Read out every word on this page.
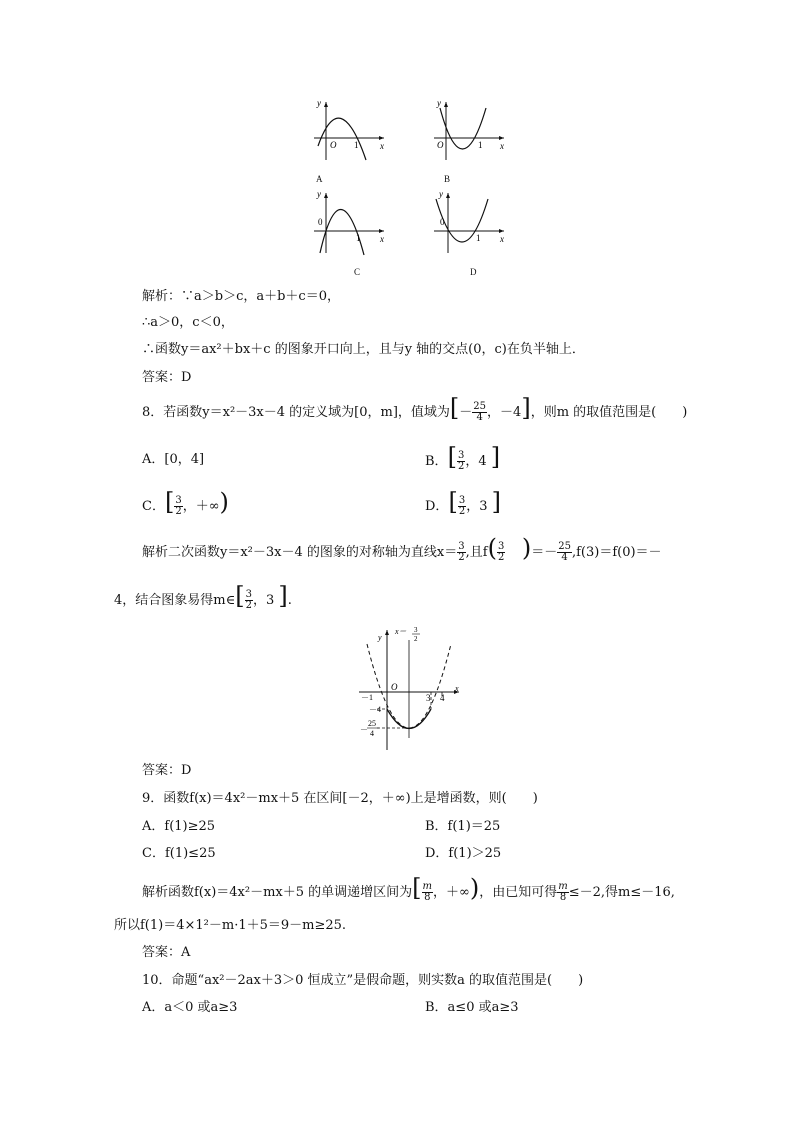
y
x
O 1
A
y
x
O	1
B
y
x
0
1
C
y
x
0
1
D
解析：∵a＞b＞c，a＋b＋c＝0，
∴a＞0，c＜0，
∴函数y＝ax²＋bx＋c 的图象开口向上，且与y 轴的交点(0，c)在负半轴上．
答案：D
8．若函数y＝x²－3x－4 的定义域为[0，m]，值域为[－ $\frac{25}{4}$ ，－4]，则m 的取值范围是(　　)
A．[0，4]	B．[ $\frac{3}{2}$ ，4 ]
C．[ $\frac{3}{2}$ ，＋∞)	D．[ $\frac{3}{2}$ ，3 ]
解析二次函数y＝x²－3x－4 的图象的对称轴为直线$x= \frac{3}{2}$ ,且$f( \frac{3}{2}$ )＝－ $\frac{25}{4} ,f(3)=f(0)=-$
4，结合图象易得m∈[ $\frac{3}{2}$ ，3 ].
x＝ 3
2
y
x
O
－1	3 4
－4
－
25
4
答案：D
9．函数f(x)＝4x²－mx＋5 在区间[－2，＋∞)上是增函数，则(　　)
A．f(1)≥25	B．f(1)＝25
C．f(1)≤25	D．f(1)＞25
解析函数f(x)＝4x²－mx＋5 的单调递增区间为[ $\frac{m}{8}$ ，＋∞)，由已知可得 $\frac{m}{8} \le-2$,得m≤－16,
所以f(1)＝4×1²－m·1＋5＝9－m≥25.
答案：A
10．命题“ax²－2ax＋3＞0 恒成立”是假命题，则实数a 的取值范围是(　　)
A．a＜0 或a≥3	B．a≤0 或a≥3
